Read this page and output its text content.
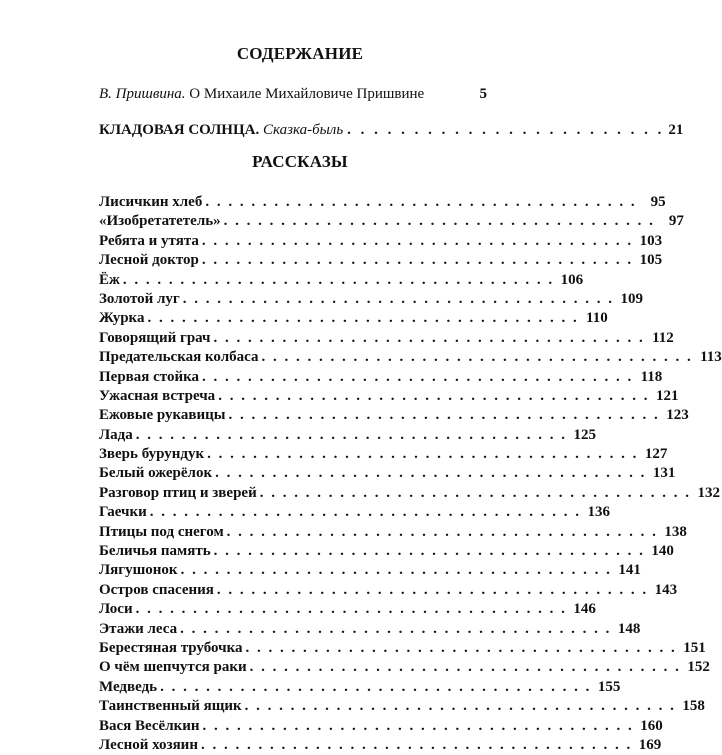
СОДЕРЖАНИЕ
В. Пришвина. О Михаиле Михайловиче Пришвине	5
КЛАДОВАЯ СОЛНЦА. Сказка-быль . . . . . . . . . . . . . . . . . . . . . . . . 21
РАССКАЗЫ
Лисичкин хлеб . . . . . . . . . . . . . . . . . . . . . . . . . . . . . . . . . . . . . . 95
«Изобретатетель» . . . . . . . . . . . . . . . . . . . . . . . . . . . . . . . . . . . . . . 97
Ребята и утята . . . . . . . . . . . . . . . . . . . . . . . . . . . . . . . . . . . . . . 103
Лесной доктор . . . . . . . . . . . . . . . . . . . . . . . . . . . . . . . . . . . . . . 105
Ёж . . . . . . . . . . . . . . . . . . . . . . . . . . . . . . . . . . . . . . 106
Золотой луг . . . . . . . . . . . . . . . . . . . . . . . . . . . . . . . . . . . . . . 109
Журка . . . . . . . . . . . . . . . . . . . . . . . . . . . . . . . . . . . . . . 110
Говорящий грач . . . . . . . . . . . . . . . . . . . . . . . . . . . . . . . . . . . . . . 112
Предательская колбаса . . . . . . . . . . . . . . . . . . . . . . . . . . . . . . . . . . . . . . 113
Первая стойка . . . . . . . . . . . . . . . . . . . . . . . . . . . . . . . . . . . . . . 118
Ужасная встреча . . . . . . . . . . . . . . . . . . . . . . . . . . . . . . . . . . . . . . 121
Ежовые рукавицы . . . . . . . . . . . . . . . . . . . . . . . . . . . . . . . . . . . . . . 123
Лада . . . . . . . . . . . . . . . . . . . . . . . . . . . . . . . . . . . . . . 125
Зверь бурундук . . . . . . . . . . . . . . . . . . . . . . . . . . . . . . . . . . . . . . 127
Белый ожерёлок . . . . . . . . . . . . . . . . . . . . . . . . . . . . . . . . . . . . . . 131
Разговор птиц и зверей . . . . . . . . . . . . . . . . . . . . . . . . . . . . . . . . . . . . . . 132
Гаечки . . . . . . . . . . . . . . . . . . . . . . . . . . . . . . . . . . . . . . 136
Птицы под снегом . . . . . . . . . . . . . . . . . . . . . . . . . . . . . . . . . . . . . . 138
Беличья память . . . . . . . . . . . . . . . . . . . . . . . . . . . . . . . . . . . . . . 140
Лягушонок . . . . . . . . . . . . . . . . . . . . . . . . . . . . . . . . . . . . . . 141
Остров спасения . . . . . . . . . . . . . . . . . . . . . . . . . . . . . . . . . . . . . . 143
Лоси . . . . . . . . . . . . . . . . . . . . . . . . . . . . . . . . . . . . . . 146
Этажи леса . . . . . . . . . . . . . . . . . . . . . . . . . . . . . . . . . . . . . . 148
Берестяная трубочка . . . . . . . . . . . . . . . . . . . . . . . . . . . . . . . . . . . . . . 151
О чём шепчутся раки . . . . . . . . . . . . . . . . . . . . . . . . . . . . . . . . . . . . . . 152
Медведь . . . . . . . . . . . . . . . . . . . . . . . . . . . . . . . . . . . . . . 155
Таинственный ящик . . . . . . . . . . . . . . . . . . . . . . . . . . . . . . . . . . . . . . 158
Вася Весёлкин . . . . . . . . . . . . . . . . . . . . . . . . . . . . . . . . . . . . . . 160
Лесной хозяин . . . . . . . . . . . . . . . . . . . . . . . . . . . . . . . . . . . . . . 169
